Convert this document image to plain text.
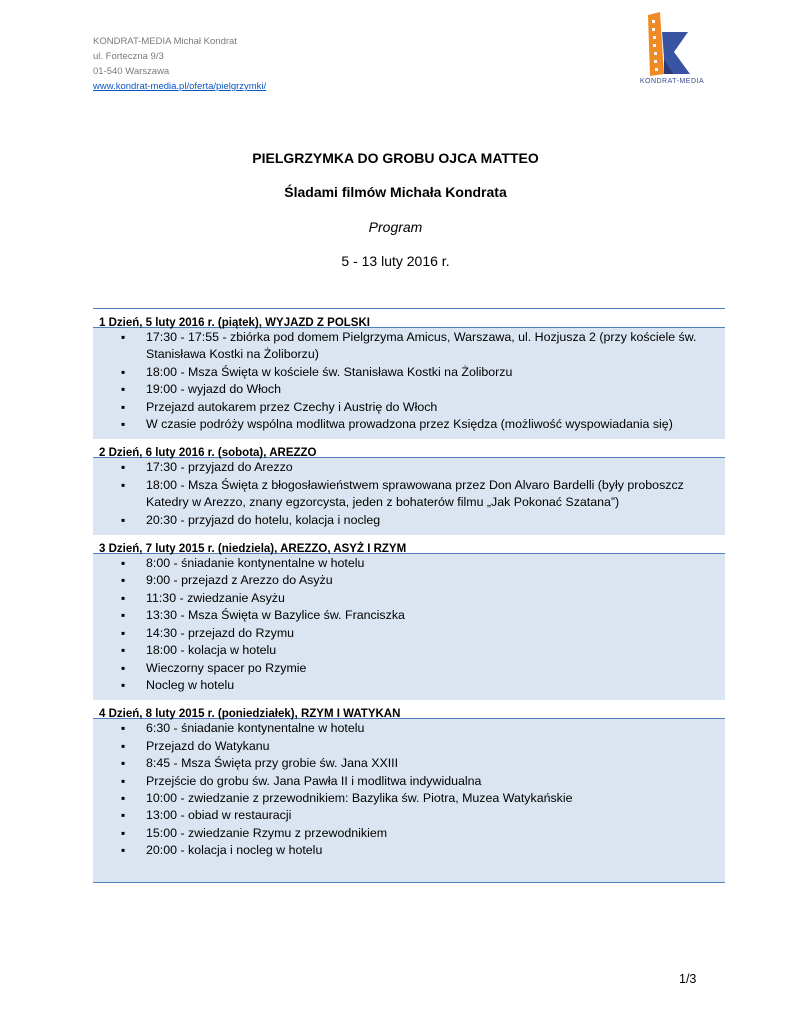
KONDRAT-MEDIA Michał Kondrat
ul. Forteczna 9/3
01-540 Warszawa
www.kondrat-media.pl/oferta/pielgrzymki/	KONDRAT-MEDIA
PIELGRZYMKA DO GROBU OJCA MATTEO
Śladami filmów Michała Kondrata
Program
5 - 13 luty 2016 r.
1 Dzień, 5 luty 2016 r. (piątek), WYJAZD Z POLSKI
▪ 17:30 - 17:55 - zbiórka pod domem Pielgrzyma Amicus, Warszawa, ul. Hozjusza 2 (przy kościele św. Stanisława Kostki na Żoliborzu)
▪ 18:00 - Msza Święta w kościele św. Stanisława Kostki na Żoliborzu
▪ 19:00 - wyjazd do Włoch
▪ Przejazd autokarem przez Czechy i Austrię do Włoch
▪ W czasie podróży wspólna modlitwa prowadzona przez Księdza (możliwość wyspowiadania się)
2 Dzień, 6 luty 2016 r. (sobota), AREZZO
▪ 17:30 - przyjazd do Arezzo
▪ 18:00 - Msza Święta z błogosławieństwem sprawowana przez Don Alvaro Bardelli (były proboszcz Katedry w Arezzo, znany egzorcysta, jeden z bohaterów filmu „Jak Pokonać Szatana”)
▪ 20:30 - przyjazd do hotelu, kolacja i nocleg
3 Dzień, 7 luty 2015 r. (niedziela), AREZZO, ASYŻ I RZYM
▪ 8:00 - śniadanie kontynentalne w hotelu
▪ 9:00 - przejazd z Arezzo do Asyżu
▪ 11:30 - zwiedzanie Asyżu
▪ 13:30 - Msza Święta w Bazylice św. Franciszka
▪ 14:30 - przejazd do Rzymu
▪ 18:00 - kolacja w hotelu
▪ Wieczorny spacer po Rzymie
▪ Nocleg w hotelu
4 Dzień, 8 luty 2015 r. (poniedziałek), RZYM I WATYKAN
▪ 6:30 - śniadanie kontynentalne w hotelu
▪ Przejazd do Watykanu
▪ 8:45 - Msza Święta przy grobie św. Jana XXIII
▪ Przejście do grobu św. Jana Pawła II i modlitwa indywidualna
▪ 10:00 - zwiedzanie z przewodnikiem: Bazylika św. Piotra, Muzea Watykańskie
▪ 13:00 - obiad w restauracji
▪ 15:00 - zwiedzanie Rzymu z przewodnikiem
▪ 20:00 - kolacja i nocleg w hotelu
1/3
